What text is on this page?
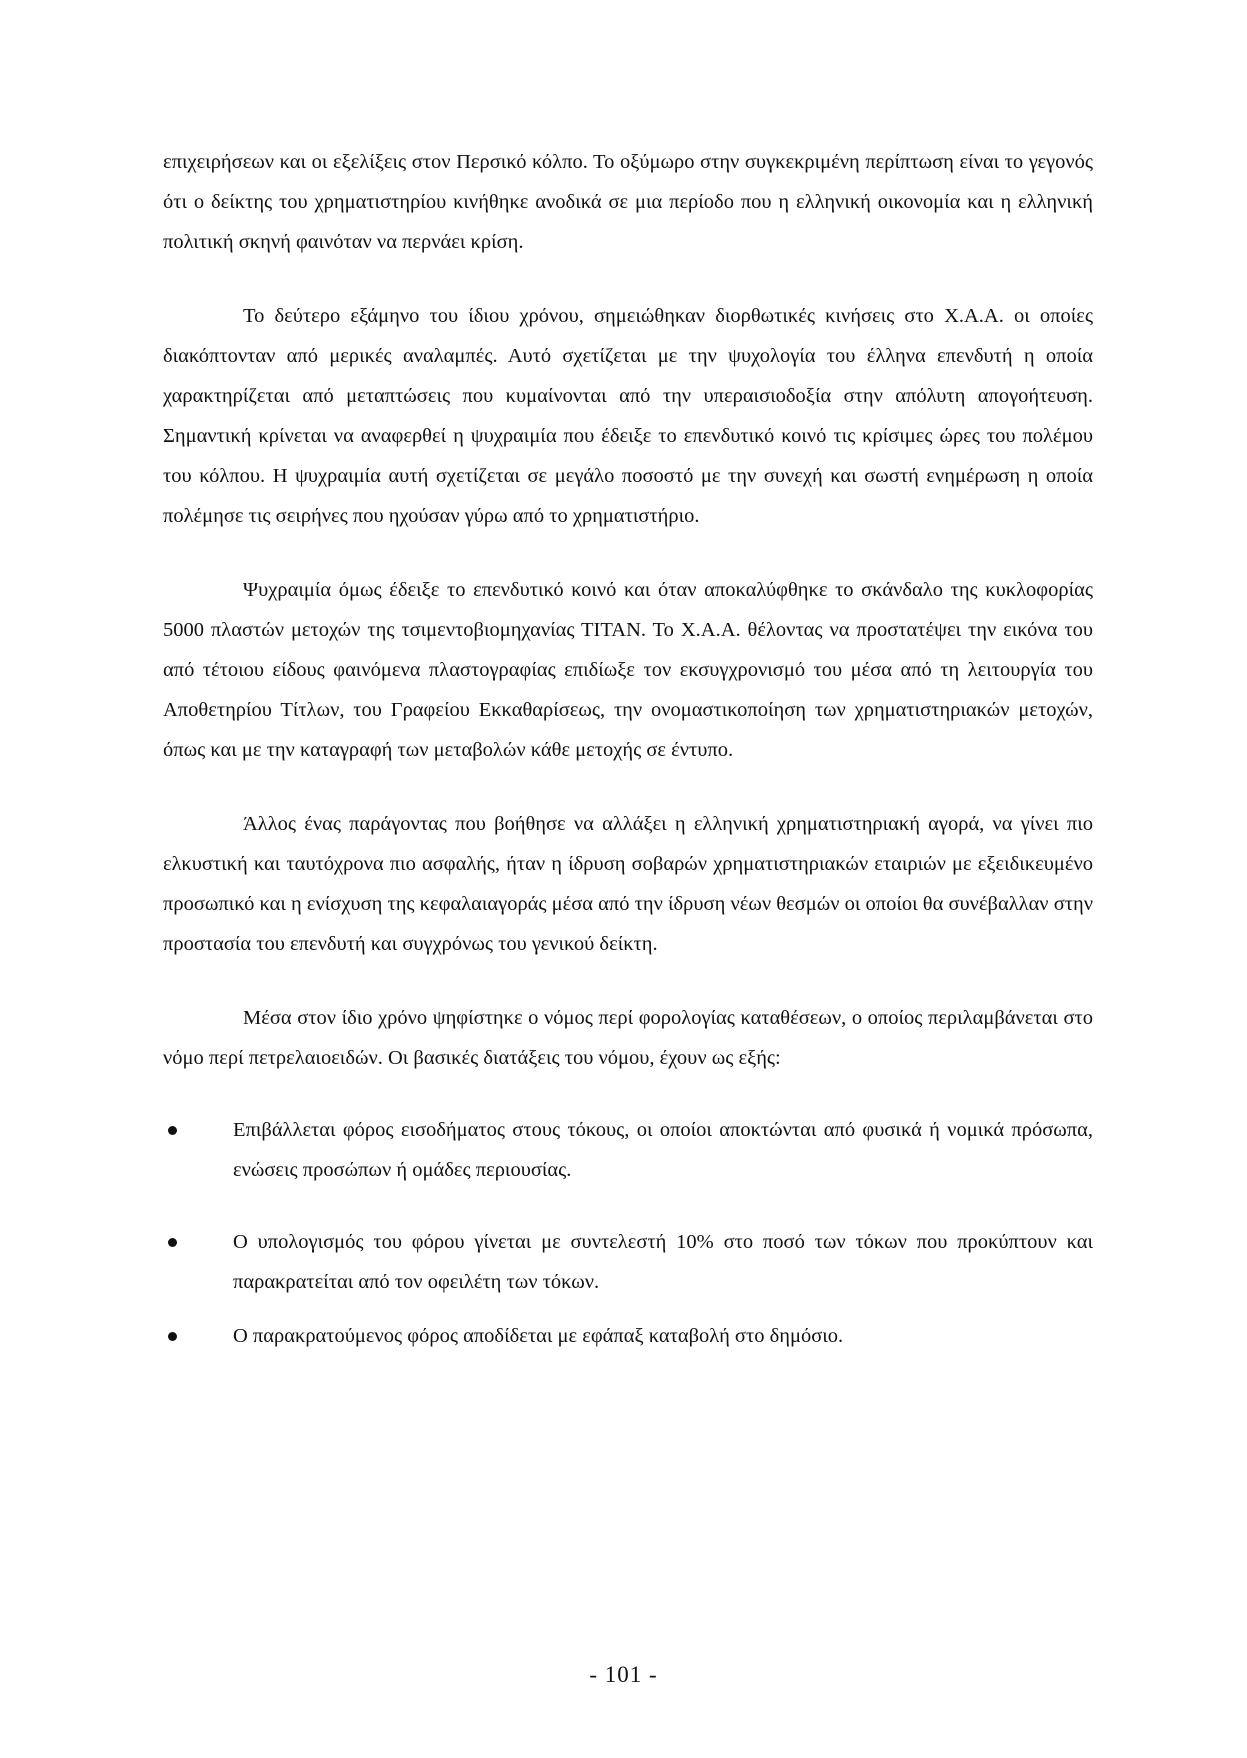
επιχειρήσεων και οι εξελίξεις στον Περσικό κόλπο. Το οξύμωρο στην συγκεκριμένη περίπτωση είναι το γεγονός ότι ο δείκτης του χρηματιστηρίου κινήθηκε ανοδικά σε μια περίοδο που η ελληνική οικονομία και η ελληνική πολιτική σκηνή φαινόταν να περνάει κρίση.

Το δεύτερο εξάμηνο του ίδιου χρόνου, σημειώθηκαν διορθωτικές κινήσεις στο Χ.Α.Α. οι οποίες διακόπτονταν από μερικές αναλαμπές. Αυτό σχετίζεται με την ψυχολογία του έλληνα επενδυτή η οποία χαρακτηρίζεται από μεταπτώσεις που κυμαίνονται από την υπεραισιοδοξία στην απόλυτη απογοήτευση. Σημαντική κρίνεται να αναφερθεί η ψυχραιμία που έδειξε το επενδυτικό κοινό τις κρίσιμες ώρες του πολέμου του κόλπου. Η ψυχραιμία αυτή σχετίζεται σε μεγάλο ποσοστό με την συνεχή και σωστή ενημέρωση η οποία πολέμησε τις σειρήνες που ηχούσαν γύρω από το χρηματιστήριο.

Ψυχραιμία όμως έδειξε το επενδυτικό κοινό και όταν αποκαλύφθηκε το σκάνδαλο της κυκλοφορίας 5000 πλαστών μετοχών της τσιμεντοβιομηχανίας ΤΙΤΑΝ. Το Χ.Α.Α. θέλοντας να προστατέψει την εικόνα του από τέτοιου είδους φαινόμενα πλαστογραφίας επιδίωξε τον εκσυγχρονισμό του μέσα από τη λειτουργία του Αποθετηρίου Τίτλων, του Γραφείου Εκκαθαρίσεως, την ονομαστικοποίηση των χρηματιστηριακών μετοχών, όπως και με την καταγραφή των μεταβολών κάθε μετοχής σε έντυπο.

Άλλος ένας παράγοντας που βοήθησε να αλλάξει η ελληνική χρηματιστηριακή αγορά, να γίνει πιο ελκυστική και ταυτόχρονα πιο ασφαλής, ήταν η ίδρυση σοβαρών χρηματιστηριακών εταιριών με εξειδικευμένο προσωπικό και η ενίσχυση της κεφαλαιαγοράς μέσα από την ίδρυση νέων θεσμών οι οποίοι θα συνέβαλλαν στην προστασία του επενδυτή και συγχρόνως του γενικού δείκτη.

Μέσα στον ίδιο χρόνο ψηφίστηκε ο νόμος περί φορολογίας καταθέσεων, ο οποίος περιλαμβάνεται στο νόμο περί πετρελαιοειδών. Οι βασικές διατάξεις του νόμου, έχουν ως εξής:

Επιβάλλεται φόρος εισοδήματος στους τόκους, οι οποίοι αποκτώνται από φυσικά ή νομικά πρόσωπα, ενώσεις προσώπων ή ομάδες περιουσίας.
Ο υπολογισμός του φόρου γίνεται με συντελεστή 10% στο ποσό των τόκων που προκύπτουν και παρακρατείται από τον οφειλέτη των τόκων.
Ο παρακρατούμενος φόρος αποδίδεται με εφάπαξ καταβολή στο δημόσιο.
- 101 -
